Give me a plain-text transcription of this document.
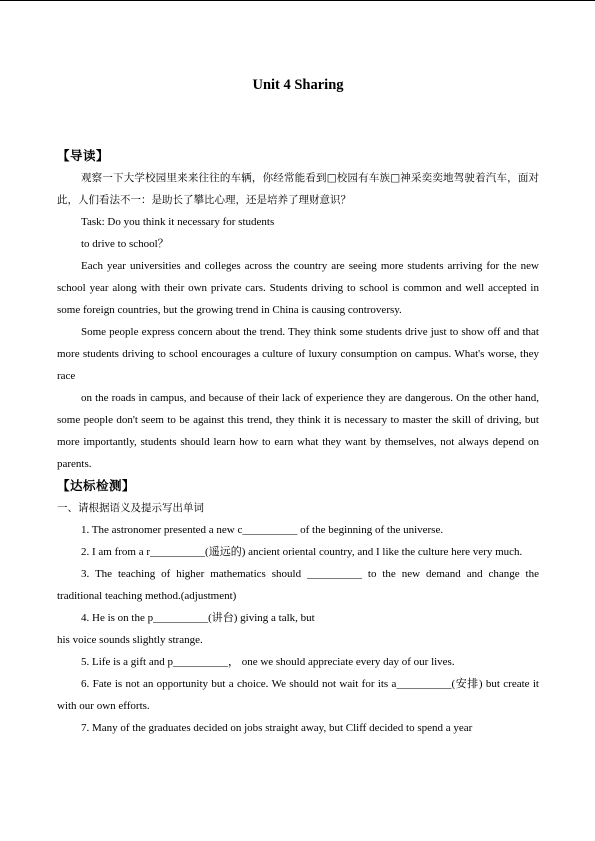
Unit 4 Sharing
【导读】

观察一下大学校园里来来往往的车辆，你经常能看到□校园有车族□神采奕奕地驾驶着汽车，面对此，人们看法不一：是助长了攀比心理，还是培养了理财意识？

Task: Do you think it necessary for students

to drive to school？

Each year universities and colleges across the country are seeing more students arriving for the new school year along with their own private cars. Students driving to school is common and well accepted in some foreign countries, but the growing trend in China is causing controversy.

Some people express concern about the trend. They think some students drive just to show off and that more students driving to school encourages a culture of luxury consumption on campus. What's worse, they race

on the roads in campus, and because of their lack of experience they are dangerous. On the other hand, some people don't seem to be against this trend, they think it is necessary to master the skill of driving, but more importantly, students should learn how to earn what they want by themselves, not always depend on parents.

【达标检测】

一、请根据语义及提示写出单词

1. The astronomer presented a new c__________ of the beginning of the universe.

2. I am from a r__________(遥远的) ancient oriental country, and I like the culture here very much.

3. The teaching of higher mathematics should __________ to the new demand and change the traditional teaching method.(adjustment)

4. He is on the p__________(讲台) giving a talk, but

his voice sounds slightly strange.

5. Life is a gift and p__________， one we should appreciate every day of our lives.

6. Fate is not an opportunity but a choice. We should not wait for its a__________(安排) but create it with our own efforts.

7. Many of the graduates decided on jobs straight away, but Cliff decided to spend a year
